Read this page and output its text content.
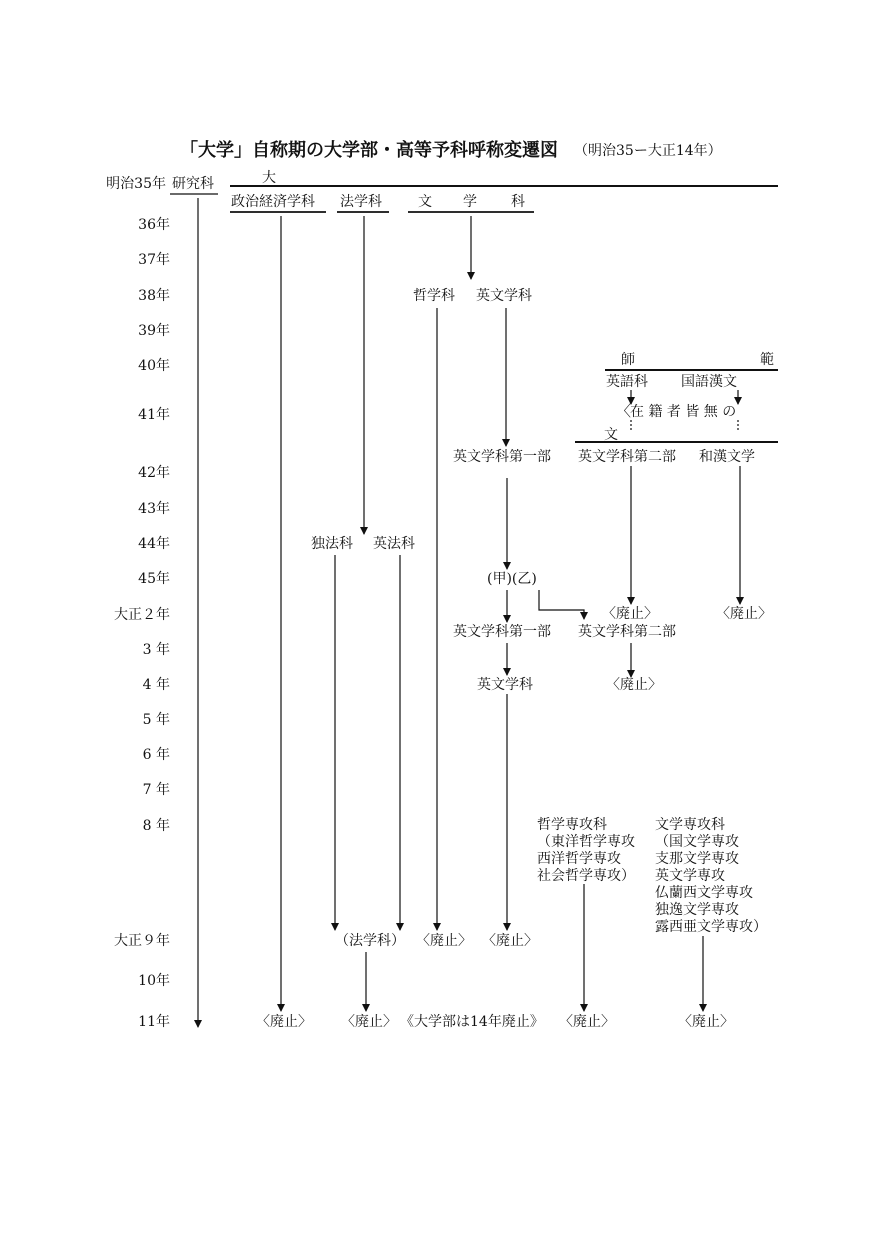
「大学」自称期の大学部・高等予科呼称変遷図 （明治35ー大正14年）
明治35年
36年
37年
38年
39年
40年
41年
42年
43年
44年
45年
大正２年
3 年
4 年
5 年
6 年
7 年
8 年
大正９年
10年
11年
研究科	大
政治経済学科 法学科	文 学 科
哲学科 英文学科
師	範
英語科 国語漢文
〈
在 籍 者 皆 無 の
文
英文学科第一部 英文学科第二部 和漢文学
独法科 英法科
(甲)(乙)
〈廃止〉	〈廃止〉
英文学科第一部 英文学科第二部
〈廃止〉
英文学科
哲学専攻科
（東洋哲学専攻
西洋哲学専攻
社会哲学専攻）
文学専攻科
（国文学専攻
支那文学専攻
英文学専攻
仏蘭西文学専攻
独逸文学専攻
露西亜文学専攻）
（法学科） 〈廃止〉 〈廃止〉
〈廃止〉 〈廃止〉 《大学部は14年廃止》 〈廃止〉	〈廃止〉
